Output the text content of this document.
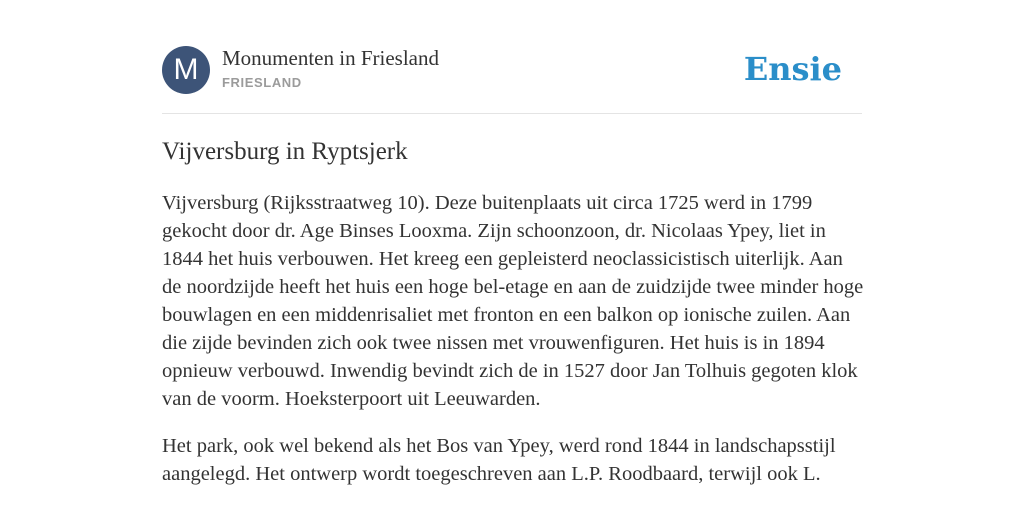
M	Monumenten in Friesland
FRIESLAND	Ensie
Vijversburg in Ryptsjerk

Vijversburg (Rijksstraatweg 10). Deze buitenplaats uit circa 1725 werd in 1799 gekocht door dr. Age Binses Looxma. Zijn schoonzoon, dr. Nicolaas Ypey, liet in 1844 het huis verbouwen. Het kreeg een gepleisterd neoclassicistisch uiterlijk. Aan de noordzijde heeft het huis een hoge bel-etage en aan de zuidzijde twee minder hoge bouwlagen en een middenrisaliet met fronton en een balkon op ionische zuilen. Aan die zijde bevinden zich ook twee nissen met vrouwenfiguren. Het huis is in 1894 opnieuw verbouwd. Inwendig bevindt zich de in 1527 door Jan Tolhuis gegoten klok van de voorm. Hoeksterpoort uit Leeuwarden.

Het park, ook wel bekend als het Bos van Ypey, werd rond 1844 in landschapsstijl aangelegd. Het ontwerp wordt toegeschreven aan L.P. Roodbaard, terwijl ook L.
